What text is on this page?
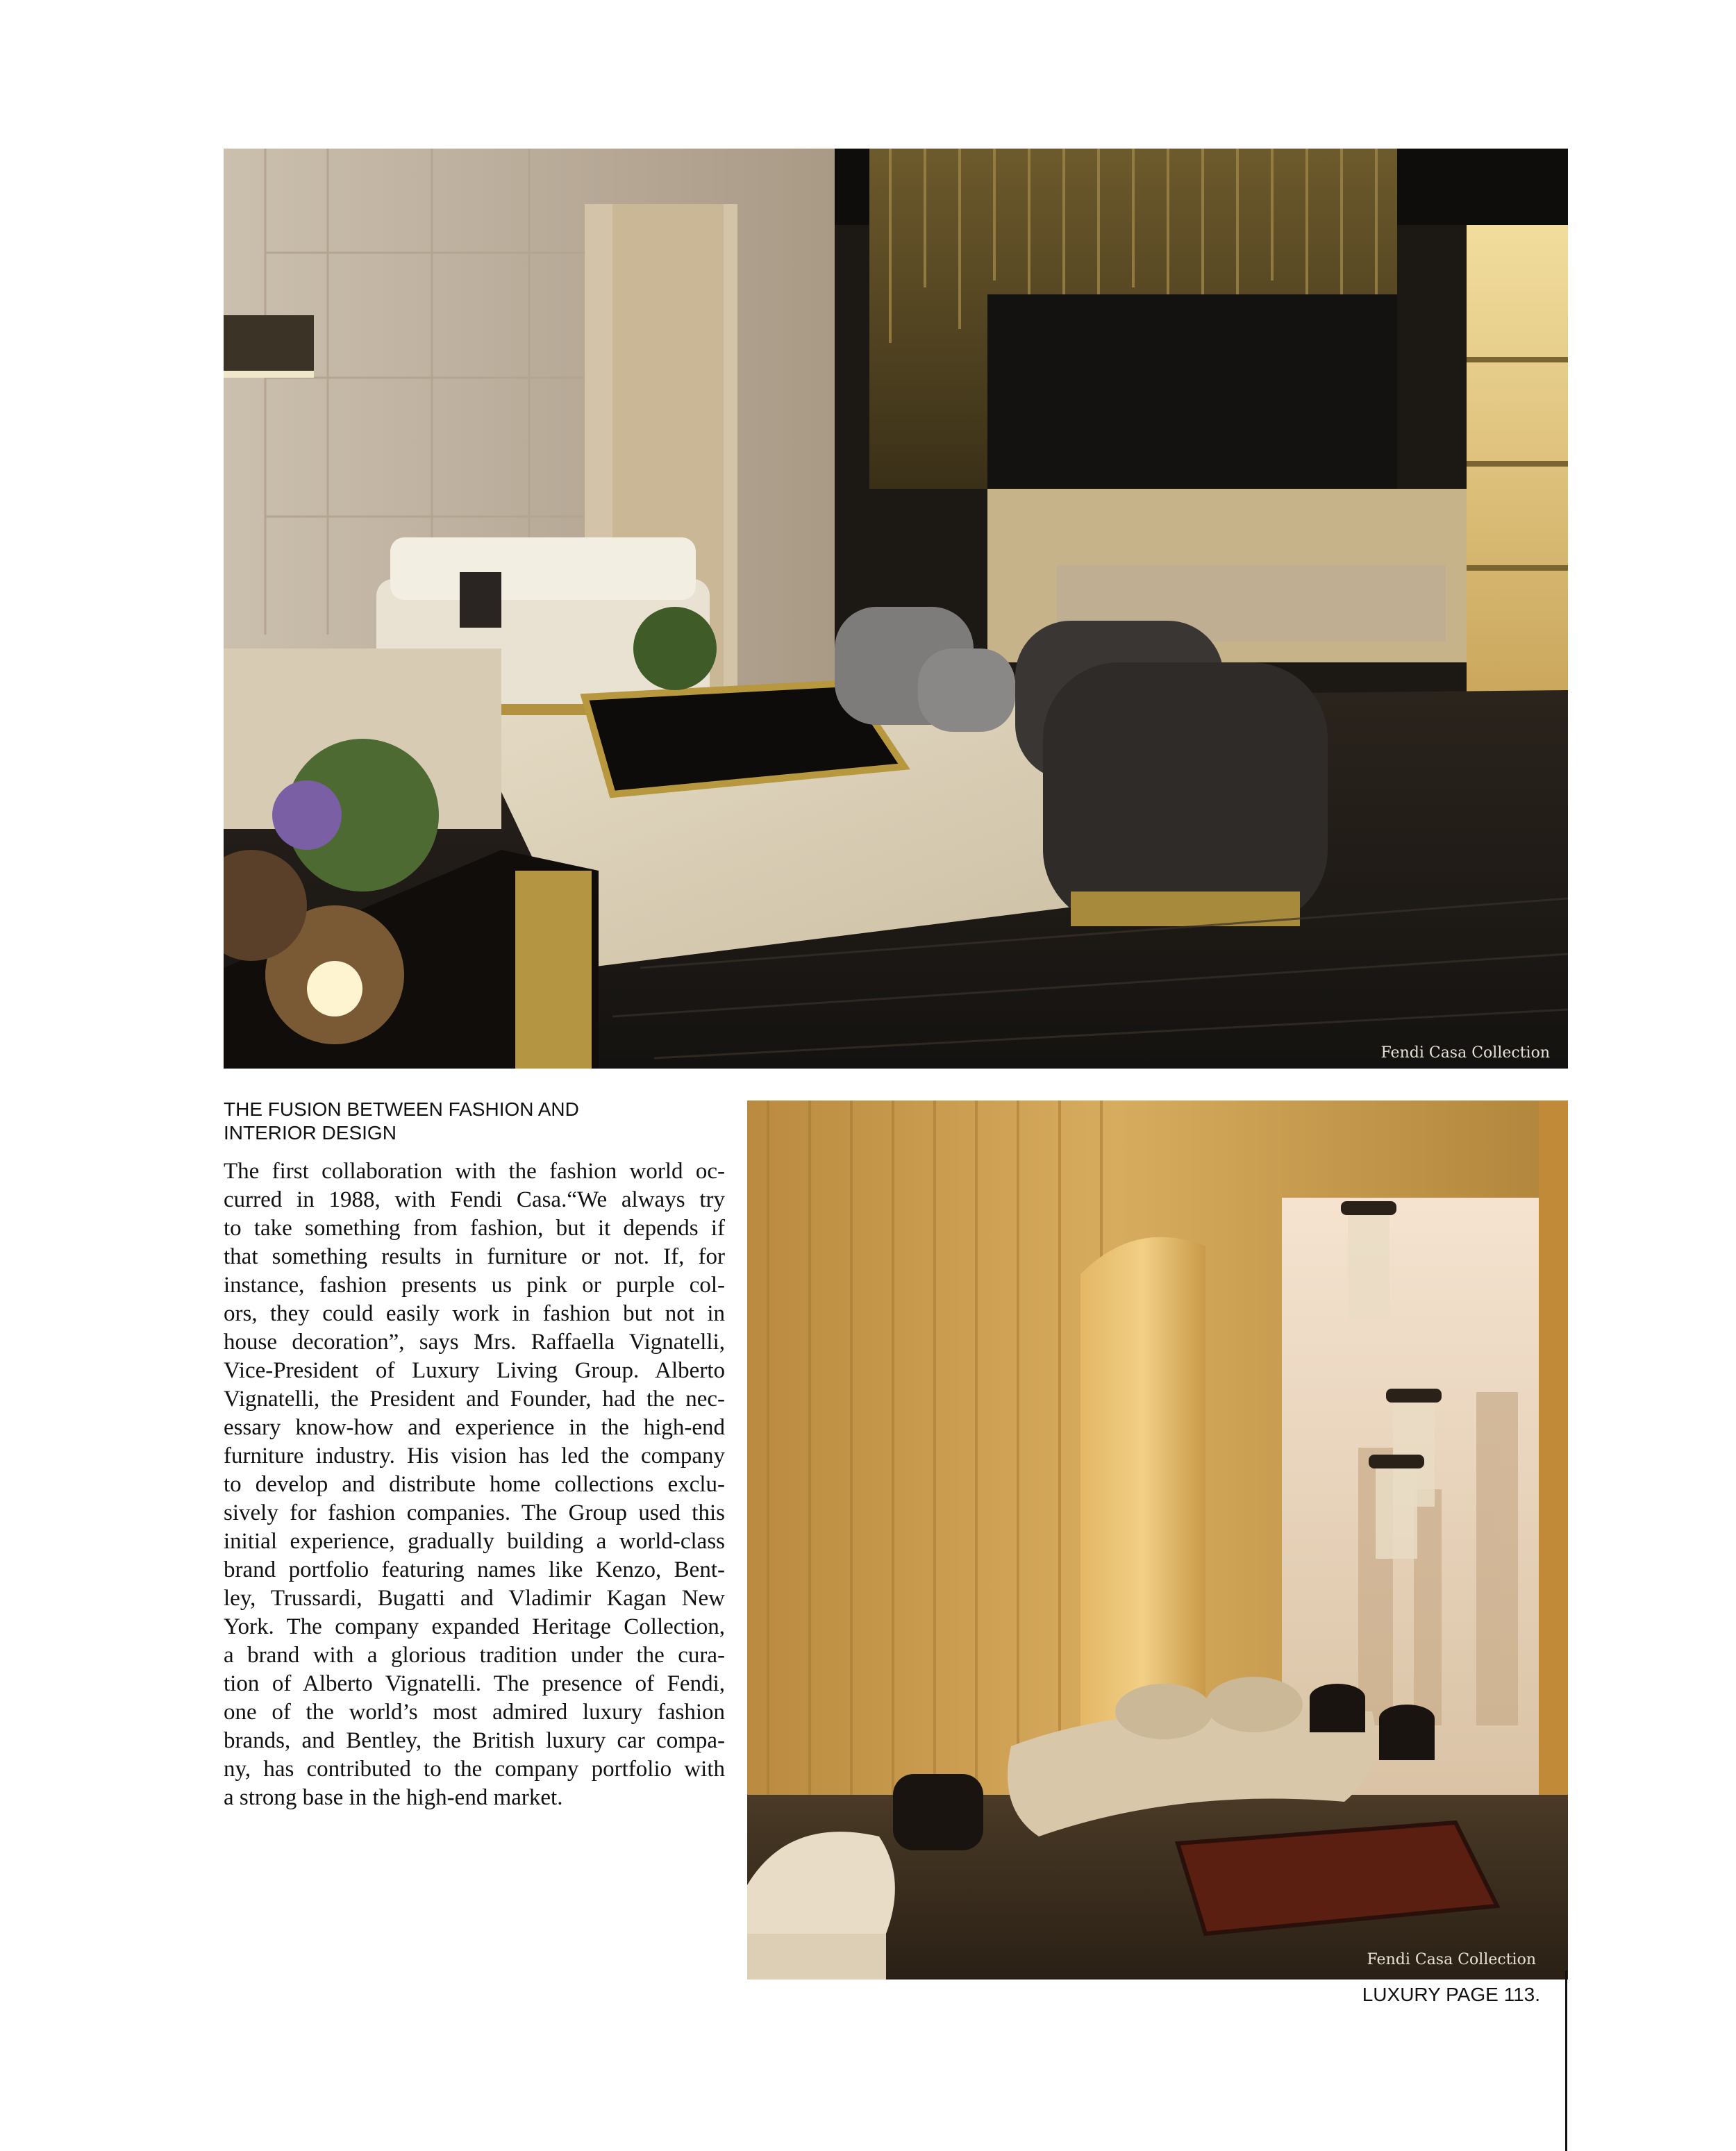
Fendi Casa Collection
THE FUSION BETWEEN FASHION AND
INTERIOR DESIGN
The first collaboration with the fashion world oc-
curred in 1988, with Fendi Casa.“We always try
to take something from fashion, but it depends if
that something results in furniture or not. If, for
instance, fashion presents us pink or purple col-
ors, they could easily work in fashion but not in
house decoration”, says Mrs. Raffaella Vignatelli,
Vice-President of Luxury Living Group. Alberto
Vignatelli, the President and Founder, had the nec-
essary know-how and experience in the high-end
furniture industry. His vision has led the company
to develop and distribute home collections exclu-
sively for fashion companies. The Group used this
initial experience, gradually building a world-class
brand portfolio featuring names like Kenzo, Bent-
ley, Trussardi, Bugatti and Vladimir Kagan New
York. The company expanded Heritage Collection,
a brand with a glorious tradition under the cura-
tion of Alberto Vignatelli. The presence of Fendi,
one of the world’s most admired luxury fashion
brands, and Bentley, the British luxury car compa-
ny, has contributed to the company portfolio with
a strong base in the high-end market.
Fendi Casa Collection
LUXURY PAGE 113.
